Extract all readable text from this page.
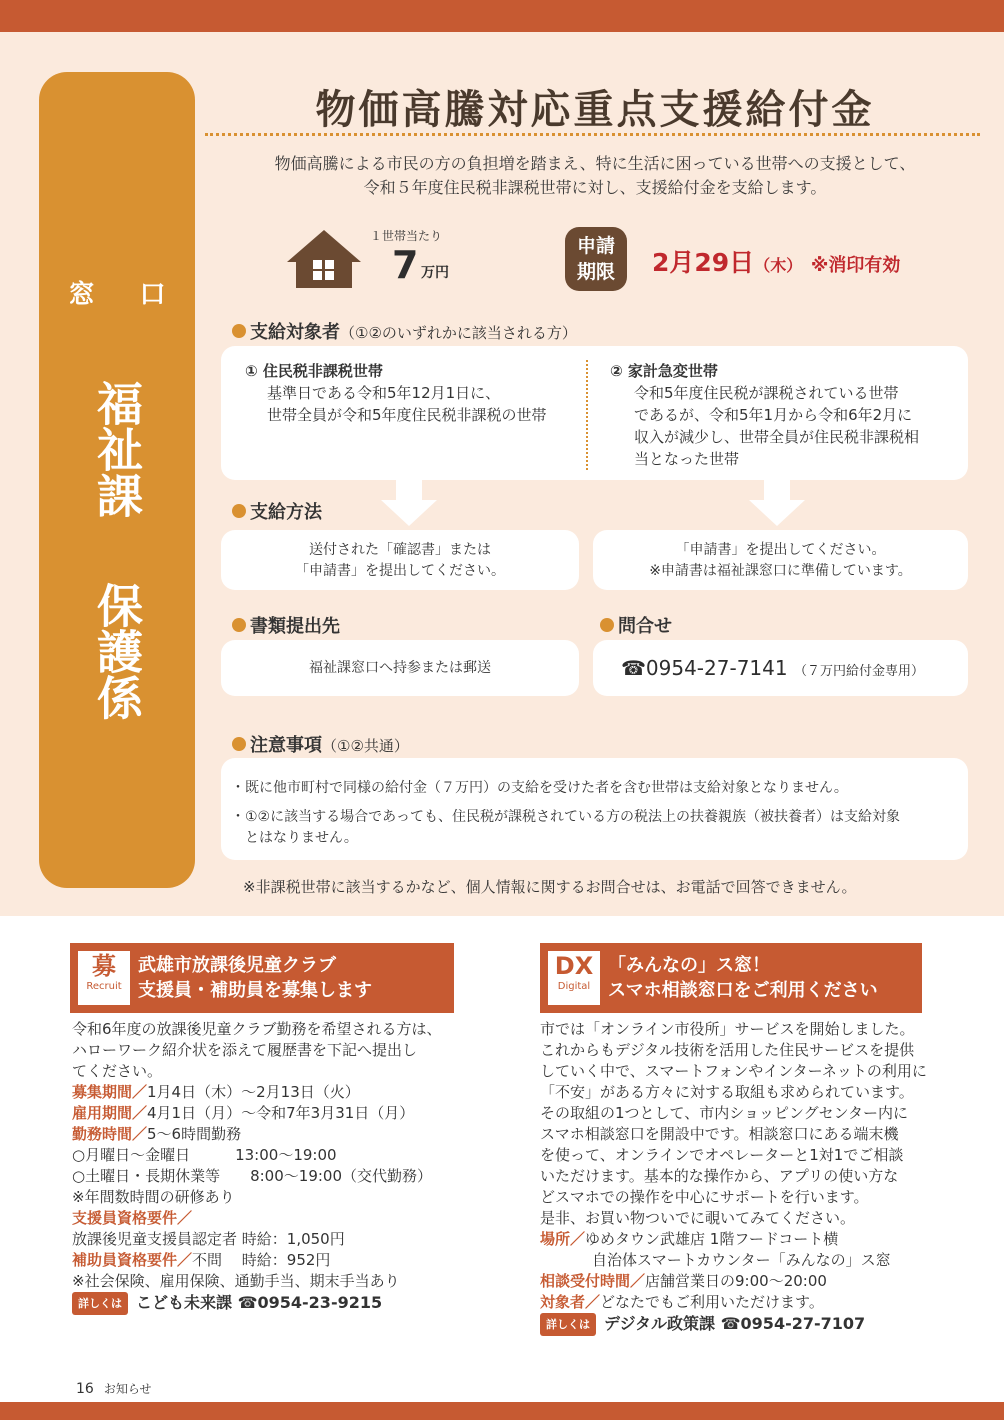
窓 口
福祉課
保護係
物価高騰対応重点支援給付金
物価高騰による市民の方の負担増を踏まえ、特に生活に困っている世帯への支援として、
令和５年度住民税非課税世帯に対し、支援給付金を支給します。
１世帯当たり
7 万円
申請
期限	2月29日（木） ※消印有効
支給対象者（①②のいずれかに該当される方）
① 住民税非課税世帯
基準日である令和5年12月1日に、
世帯全員が令和5年度住民税非課税の世帯
② 家計急変世帯
令和5年度住民税が課税されている世帯
であるが、令和5年1月から令和6年2月に
収入が減少し、世帯全員が住民税非課税相
当となった世帯
支給方法
送付された「確認書」または
「申請書」を提出してください。
「申請書」を提出してください。
※申請書は福祉課窓口に準備しています。
書類提出先	問合せ
福祉課窓口へ持参または郵送	☎0954-27-7141 （７万円給付金専用）
注意事項（①②共通）

・既に他市町村で同様の給付金（７万円）の支給を受けた者を含む世帯は支給対象となりません。

・①②に該当する場合であっても、住民税が課税されている方の税法上の扶養親族（被扶養者）は支給対象
　とはなりません。
※非課税世帯に該当するかなど、個人情報に関するお問合せは、お電話で回答できません。
募
Recruit
武雄市放課後児童クラブ
支援員・補助員を募集します
令和6年度の放課後児童クラブ勤務を希望される方は、
ハローワーク紹介状を添えて履歴書を下記へ提出し
てください。
募集期間／1月4日（木）～2月13日（火）
雇用期間／4月1日（月）～令和7年3月31日（月）
勤務時間／5～6時間勤務
○月曜日～金曜日　　　13:00～19:00
○土曜日・長期休業等　　8:00～19:00（交代勤務）
※年間数時間の研修あり
支援員資格要件／
放課後児童支援員認定者 時給：1,050円
補助員資格要件／不問　 時給：952円
※社会保険、雇用保険、通勤手当、期末手当あり
詳しくは こども未来課 ☎0954-23-9215
DX
Digital
「みんなの」ス窓！
スマホ相談窓口をご利用ください
市では「オンライン市役所」サービスを開始しました。
これからもデジタル技術を活用した住民サービスを提供
していく中で、スマートフォンやインターネットの利用に
「不安」がある方々に対する取組も求められています。
その取組の1つとして、市内ショッピングセンター内に
スマホ相談窓口を開設中です。相談窓口にある端末機
を使って、オンラインでオペレーターと1対1でご相談
いただけます。基本的な操作から、アプリの使い方な
どスマホでの操作を中心にサポートを行います。
是非、お買い物ついでに覗いてみてください。
場所／ゆめタウン武雄店 1階フードコート横
自治体スマートカウンター「みんなの」ス窓
相談受付時間／店舗営業日の9:00～20:00
対象者／どなたでもご利用いただけます。
詳しくは デジタル政策課 ☎0954-27-7107
16 お知らせ
